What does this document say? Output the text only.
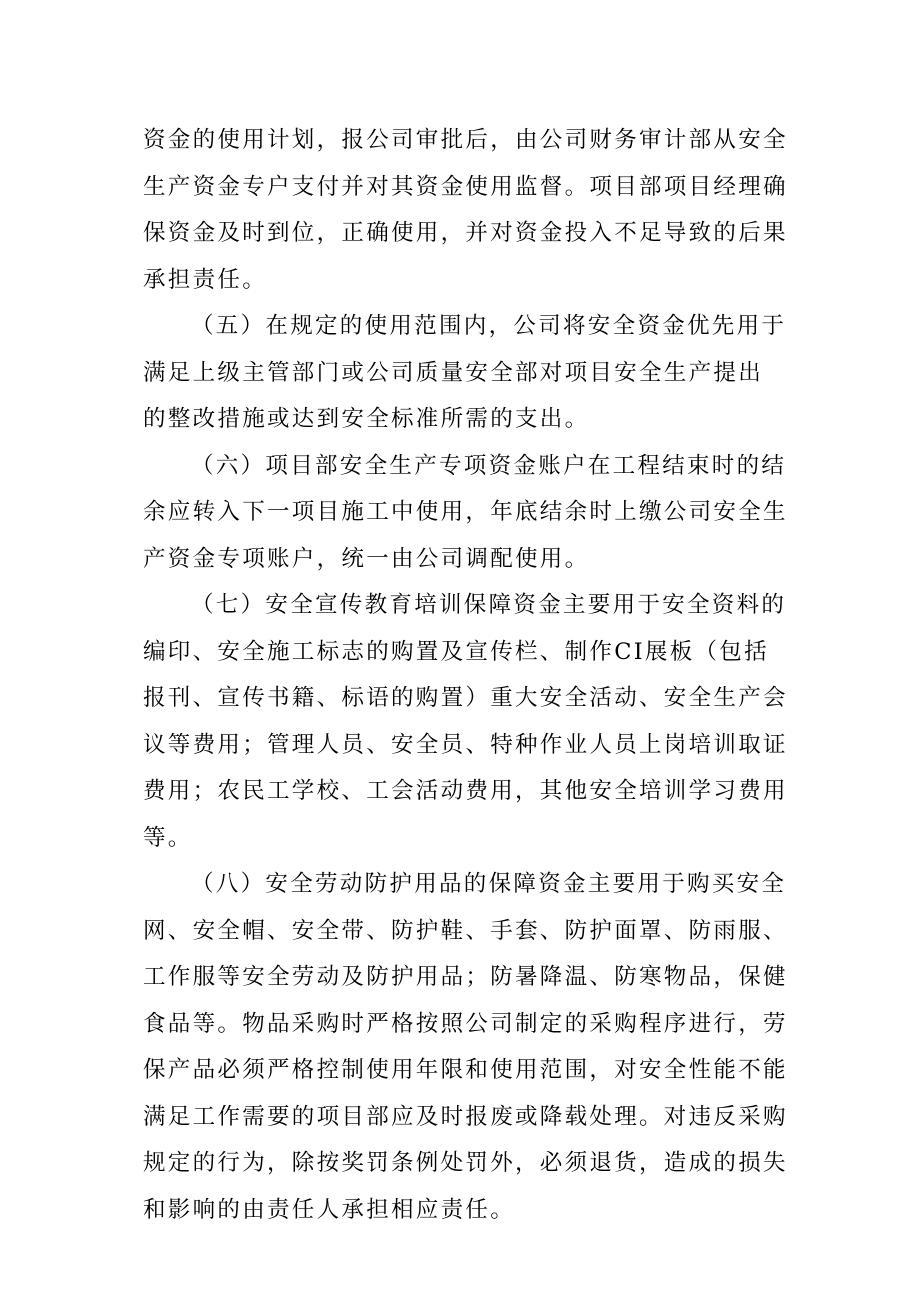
资金的使用计划，报公司审批后，由公司财务审计部从安全
生产资金专户支付并对其资金使用监督。项目部项目经理确
保资金及时到位，正确使用，并对资金投入不足导致的后果
承担责任。

（五）在规定的使用范围内，公司将安全资金优先用于
满足上级主管部门或公司质量安全部对项目安全生产提出
的整改措施或达到安全标准所需的支出。

（六）项目部安全生产专项资金账户在工程结束时的结
余应转入下一项目施工中使用，年底结余时上缴公司安全生
产资金专项账户，统一由公司调配使用。

（七）安全宣传教育培训保障资金主要用于安全资料的
编印、安全施工标志的购置及宣传栏、制作CI展板（包括
报刊、宣传书籍、标语的购置）重大安全活动、安全生产会
议等费用；管理人员、安全员、特种作业人员上岗培训取证
费用；农民工学校、工会活动费用，其他安全培训学习费用
等。

（八）安全劳动防护用品的保障资金主要用于购买安全
网、安全帽、安全带、防护鞋、手套、防护面罩、防雨服、
工作服等安全劳动及防护用品；防暑降温、防寒物品，保健
食品等。物品采购时严格按照公司制定的采购程序进行，劳
保产品必须严格控制使用年限和使用范围，对安全性能不能
满足工作需要的项目部应及时报废或降载处理。对违反采购
规定的行为，除按奖罚条例处罚外，必须退货，造成的损失
和影响的由责任人承担相应责任。
